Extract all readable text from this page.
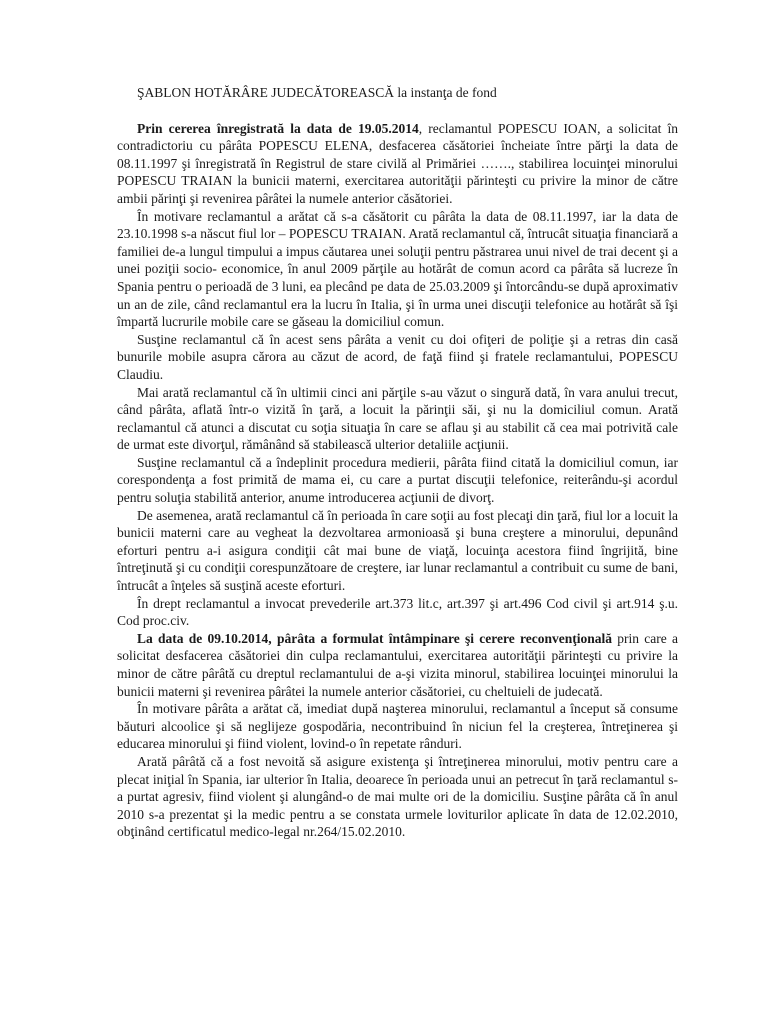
ŞABLON HOTĂRÂRE JUDECĂTOREASCĂ la instanţa de fond

Prin cererea înregistrată la data de 19.05.2014, reclamantul POPESCU IOAN, a solicitat în contradictoriu cu pârâta POPESCU ELENA, desfacerea căsătoriei încheiate între părţi la data de 08.11.1997 şi înregistrată în Registrul de stare civilă al Primăriei ……., stabilirea locuinţei minorului POPESCU TRAIAN la bunicii materni, exercitarea autorităţii părinteşti cu privire la minor de către ambii părinţi şi revenirea pârâtei la numele anterior căsătoriei.

În motivare reclamantul a arătat că s-a căsătorit cu pârâta la data de 08.11.1997, iar la data de 23.10.1998 s-a născut fiul lor – POPESCU TRAIAN. Arată reclamantul că, întrucât situaţia financiară a familiei de-a lungul timpului a impus căutarea unei soluţii pentru păstrarea unui nivel de trai decent şi a unei poziţii socio- economice, în anul 2009 părţile au hotărât de comun acord ca pârâta să lucreze în Spania pentru o perioadă de 3 luni, ea plecând pe data de 25.03.2009 şi întorcându-se după aproximativ un an de zile, când reclamantul era la lucru în Italia, şi în urma unei discuţii telefonice au hotărât să îşi împartă lucrurile mobile care se găseau la domiciliul comun.

Susţine reclamantul că în acest sens pârâta a venit cu doi ofiţeri de poliţie şi a retras din casă bunurile mobile asupra cărora au căzut de acord, de faţă fiind şi fratele reclamantului, POPESCU Claudiu.

Mai arată reclamantul că în ultimii cinci ani părţile s-au văzut o singură dată, în vara anului trecut, când pârâta, aflată într-o vizită în ţară, a locuit la părinţii săi, şi nu la domiciliul comun. Arată reclamantul că atunci a discutat cu soţia situaţia în care se aflau şi au stabilit că cea mai potrivită cale de urmat este divorţul, rămânând să stabilească ulterior detaliile acţiunii.

Susţine reclamantul că a îndeplinit procedura medierii, pârâta fiind citată la domiciliul comun, iar corespondenţa a fost primită de mama ei, cu care a purtat discuţii telefonice, reiterându-şi acordul pentru soluţia stabilită anterior, anume introducerea acţiunii de divorţ.

De asemenea, arată reclamantul că în perioada în care soţii au fost plecaţi din ţară, fiul lor a locuit la bunicii materni care au vegheat la dezvoltarea armonioasă şi buna creştere a minorului, depunând eforturi pentru a-i asigura condiţii cât mai bune de viaţă, locuinţa acestora fiind îngrijită, bine întreţinută şi cu condiţii corespunzătoare de creştere, iar lunar reclamantul a contribuit cu sume de bani, întrucât a înţeles să susţină aceste eforturi.

În drept reclamantul a invocat prevederile art.373 lit.c, art.397 şi art.496 Cod civil şi art.914 ş.u. Cod proc.civ.

La data de 09.10.2014, pârâta a formulat întâmpinare şi cerere reconvenţională prin care a solicitat desfacerea căsătoriei din culpa reclamantului, exercitarea autorităţii părinteşti cu privire la minor de către pârâtă cu dreptul reclamantului de a-şi vizita minorul, stabilirea locuinţei minorului la bunicii materni şi revenirea pârâtei la numele anterior căsătoriei, cu cheltuieli de judecată.

În motivare pârâta a arătat că, imediat după naşterea minorului, reclamantul a început să consume băuturi alcoolice şi să neglijeze gospodăria, necontribuind în niciun fel la creşterea, întreţinerea şi educarea minorului şi fiind violent, lovind-o în repetate rânduri.

Arată pârâtă că a fost nevoită să asigure existenţa şi întreţinerea minorului, motiv pentru care a plecat iniţial în Spania, iar ulterior în Italia, deoarece în perioada unui an petrecut în ţară reclamantul s-a purtat agresiv, fiind violent şi alungând-o de mai multe ori de la domiciliu. Susţine pârâta că în anul 2010 s-a prezentat şi la medic pentru a se constata urmele loviturilor aplicate în data de 12.02.2010, obţinând certificatul medico-legal nr.264/15.02.2010.
